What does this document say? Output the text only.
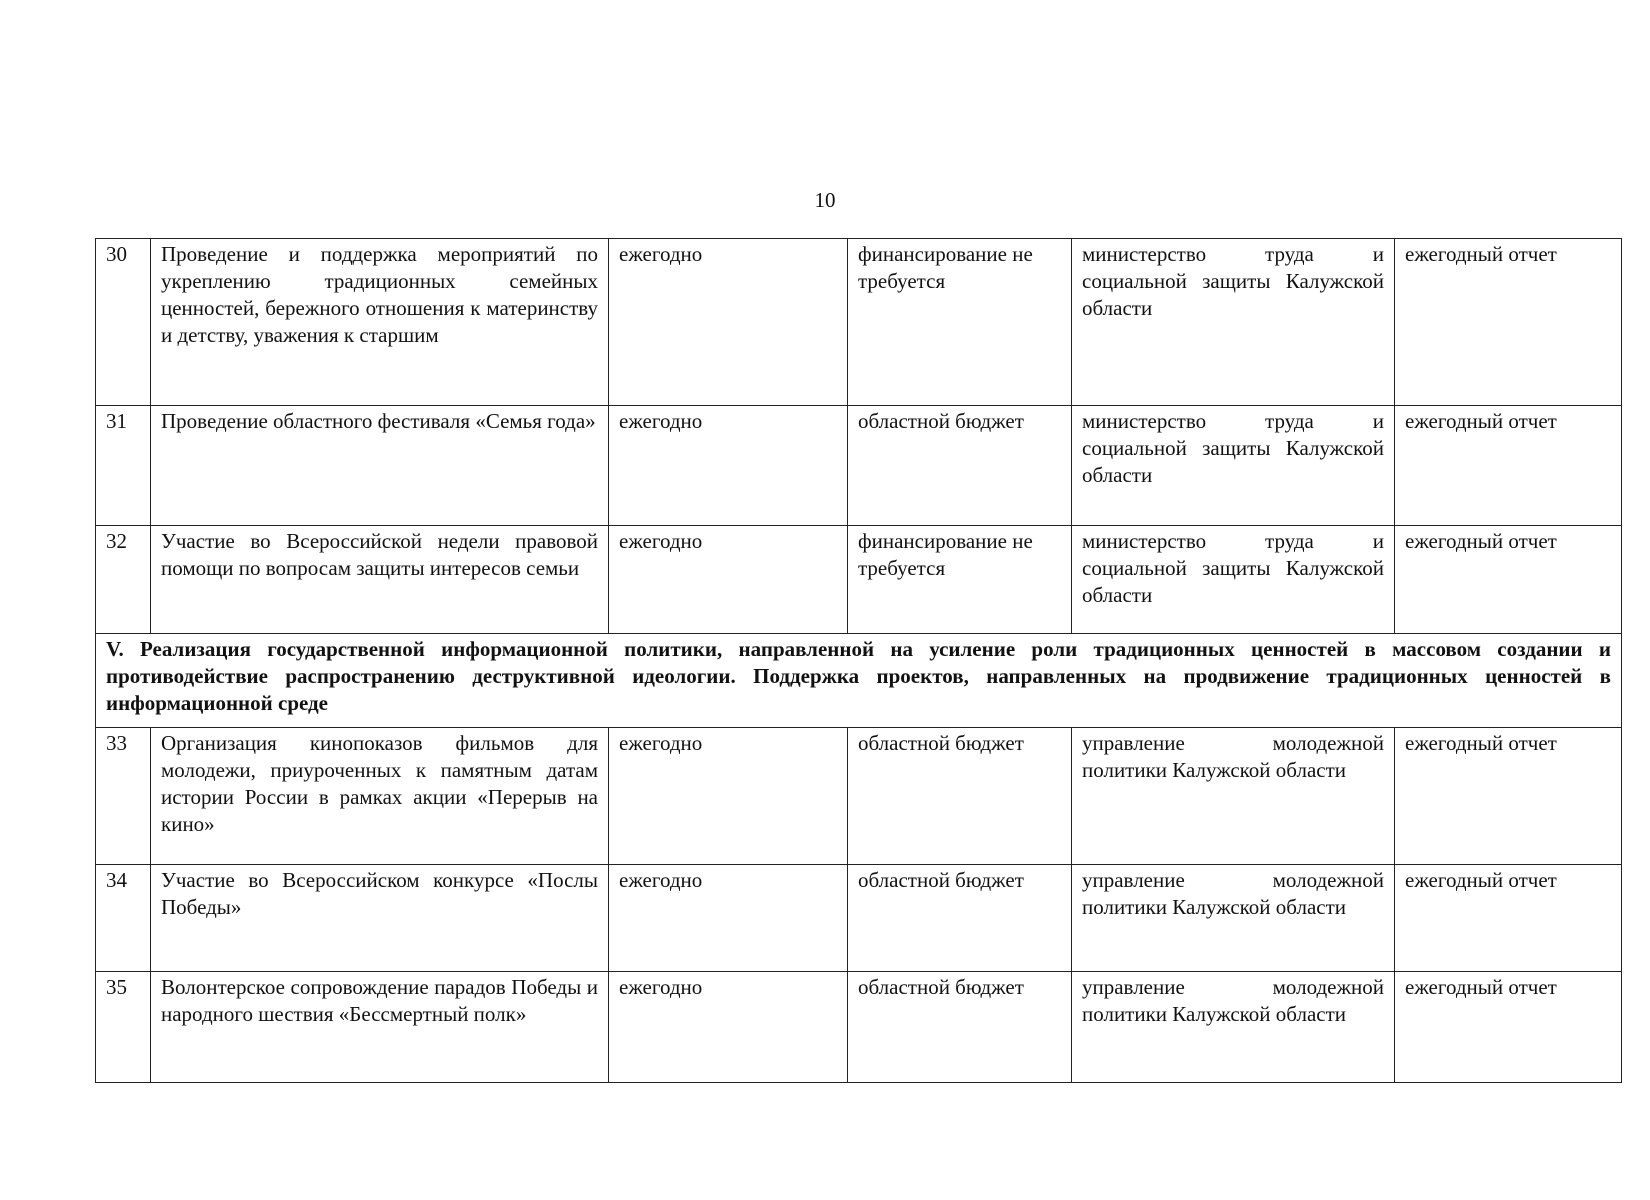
10
30	Проведение и поддержка мероприятий по укреплению традиционных семейных ценностей, бережного отношения к материнству и детству, уважения к старшим	ежегодно	финансирование не требуется	министерство труда и социальной защиты Калужской области	ежегодный отчет
31	Проведение областного фестиваля «Семья года»	ежегодно	областной бюджет	министерство труда и социальной защиты Калужской области	ежегодный отчет
32	Участие во Всероссийской недели правовой помощи по вопросам защиты интересов семьи	ежегодно	финансирование не требуется	министерство труда и социальной защиты Калужской области	ежегодный отчет
V. Реализация государственной информационной политики, направленной на усиление роли традиционных ценностей в массовом создании и противодействие распространению деструктивной идеологии. Поддержка проектов, направленных на продвижение традиционных ценностей в информационной среде					
33	Организация кинопоказов фильмов для молодежи, приуроченных к памятным датам истории России в рамках акции «Перерыв на кино»	ежегодно	областной бюджет	управление молодежной политики Калужской области	ежегодный отчет
34	Участие во Всероссийском конкурсе «Послы Победы»	ежегодно	областной бюджет	управление молодежной политики Калужской области	ежегодный отчет
35	Волонтерское сопровождение парадов Победы и народного шествия «Бессмертный полк»	ежегодно	областной бюджет	управление молодежной политики Калужской области	ежегодный отчет
